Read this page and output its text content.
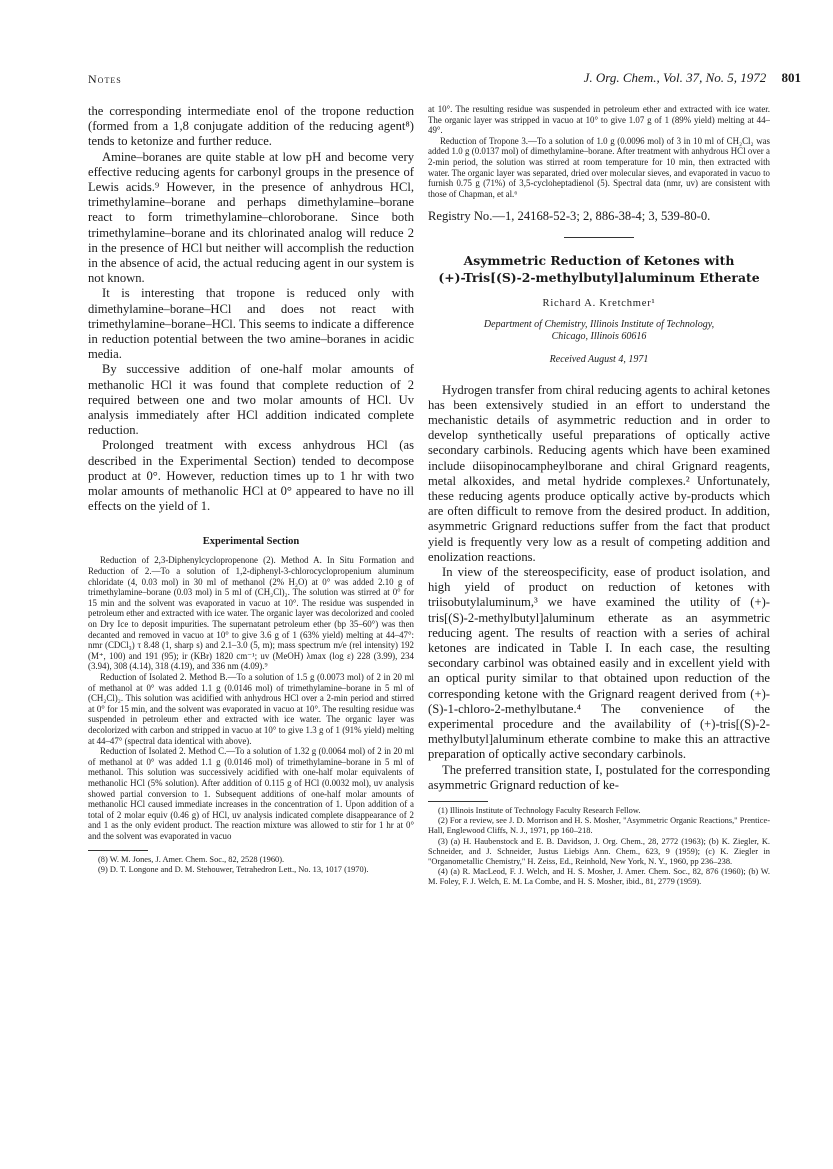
Notes	J. Org. Chem., Vol. 37, No. 5, 1972 801

the corresponding intermediate enol of the tropone reduction (formed from a 1,8 conjugate addition of the reducing agent⁸) tends to ketonize and further reduce.

Amine–boranes are quite stable at low pH and become very effective reducing agents for carbonyl groups in the presence of Lewis acids.⁹ However, in the presence of anhydrous HCl, trimethylamine–borane and perhaps dimethylamine–borane react to form trimethylamine–chloroborane. Since both trimethylamine–borane and its chlorinated analog will reduce 2 in the presence of HCl but neither will accomplish the reduction in the absence of acid, the actual reducing agent in our system is not known.

It is interesting that tropone is reduced only with dimethylamine–borane–HCl and does not react with trimethylamine–borane–HCl. This seems to indicate a difference in reduction potential between the two amine–boranes in acidic media.

By successive addition of one-half molar amounts of methanolic HCl it was found that complete reduction of 2 required between one and two molar amounts of HCl. Uv analysis immediately after HCl addition indicated complete reduction.

Prolonged treatment with excess anhydrous HCl (as described in the Experimental Section) tended to decompose product at 0°. However, reduction times up to 1 hr with two molar amounts of methanolic HCl at 0° appeared to have no ill effects on the yield of 1.

Experimental Section

Reduction of 2,3-Diphenylcyclopropenone (2). Method A. In Situ Formation and Reduction of 2.—To a solution of 1,2-diphenyl-3-chlorocyclopropenium aluminum chloridate (4, 0.03 mol) in 30 ml of methanol (2% H₂O) at 0° was added 2.10 g of trimethylamine–borane (0.03 mol) in 5 ml of (CH₂Cl)₂. The solution was stirred at 0° for 15 min and the solvent was evaporated in vacuo at 10°. The residue was suspended in petroleum ether and extracted with ice water. The organic layer was decolorized and cooled on Dry Ice to deposit impurities. The supernatant petroleum ether (bp 35–60°) was then decanted and removed in vacuo at 10° to give 3.6 g of 1 (63% yield) melting at 44–47°: nmr (CDCl₃) τ 8.48 (1, sharp s) and 2.1–3.0 (5, m); mass spectrum m/e (rel intensity) 192 (M⁺, 100) and 191 (95); ir (KBr) 1820 cm⁻¹; uv (MeOH) λmax (log ε) 228 (3.99), 234 (3.94), 308 (4.14), 318 (4.19), and 336 nm (4.09).⁹

Reduction of Isolated 2. Method B.—To a solution of 1.5 g (0.0073 mol) of 2 in 20 ml of methanol at 0° was added 1.1 g (0.0146 mol) of trimethylamine–borane in 5 ml of (CH₂Cl)₂. This solution was acidified with anhydrous HCl over a 2-min period and stirred at 0° for 15 min, and the solvent was evaporated in vacuo at 10°. The resulting residue was suspended in petroleum ether and extracted with ice water. The organic layer was decolorized with carbon and stripped in vacuo at 10° to give 1.3 g of 1 (91% yield) melting at 44–47° (spectral data identical with above).

Reduction of Isolated 2. Method C.—To a solution of 1.32 g (0.0064 mol) of 2 in 20 ml of methanol at 0° was added 1.1 g (0.0146 mol) of trimethylamine–borane in 5 ml of methanol. This solution was successively acidified with one-half molar equivalents of methanolic HCl (5% solution). After addition of 0.115 g of HCl (0.0032 mol), uv analysis showed partial conversion to 1. Subsequent additions of one-half molar amounts of methanolic HCl caused immediate increases in the concentration of 1. Upon addition of a total of 2 molar equiv (0.46 g) of HCl, uv analysis indicated complete disappearance of 2 and 1 as the only evident product. The reaction mixture was allowed to stir for 1 hr at 0° and the solvent was evaporated in vacuo

(8) W. M. Jones, J. Amer. Chem. Soc., 82, 2528 (1960).

(9) D. T. Longone and D. M. Stehouwer, Tetrahedron Lett., No. 13, 1017 (1970).

at 10°. The resulting residue was suspended in petroleum ether and extracted with ice water. The organic layer was stripped in vacuo at 10° to give 1.07 g of 1 (89% yield) melting at 44–49°.

Reduction of Tropone 3.—To a solution of 1.0 g (0.0096 mol) of 3 in 10 ml of CH₂Cl₂ was added 1.0 g (0.0137 mol) of dimethylamine–borane. After treatment with anhydrous HCl over a 2-min period, the solution was stirred at room temperature for 10 min, then extracted with water. The organic layer was separated, dried over molecular sieves, and evaporated in vacuo to furnish 0.75 g (71%) of 3,5-cycloheptadienol (5). Spectral data (nmr, uv) are consistent with those of Chapman, et al.⁶

Registry No.—1, 24168-52-3; 2, 886-38-4; 3, 539-80-0.

Asymmetric Reduction of Ketones with
(+)-Tris[(S)-2-methylbutyl]aluminum Etherate
Richard A. Kretchmer¹
Department of Chemistry, Illinois Institute of Technology,
Chicago, Illinois 60616
Received August 4, 1971

Hydrogen transfer from chiral reducing agents to achiral ketones has been extensively studied in an effort to understand the mechanistic details of asymmetric reduction and in order to develop synthetically useful preparations of optically active secondary carbinols. Reducing agents which have been examined include diisopinocampheylborane and chiral Grignard reagents, metal alkoxides, and metal hydride complexes.² Unfortunately, these reducing agents produce optically active by-products which are often difficult to remove from the desired product. In addition, asymmetric Grignard reductions suffer from the fact that product yield is frequently very low as a result of competing addition and enolization reactions.

In view of the stereospecificity, ease of product isolation, and high yield of product on reduction of ketones with triisobutylaluminum,³ we have examined the utility of (+)-tris[(S)-2-methylbutyl]aluminum etherate as an asymmetric reducing agent. The results of reaction with a series of achiral ketones are indicated in Table I. In each case, the resulting secondary carbinol was obtained easily and in excellent yield with an optical purity similar to that obtained upon reduction of the corresponding ketone with the Grignard reagent derived from (+)-(S)-1-chloro-2-methylbutane.⁴ The convenience of the experimental procedure and the availability of (+)-tris[(S)-2-methylbutyl]aluminum etherate combine to make this an attractive preparation of optically active secondary carbinols.

The preferred transition state, I, postulated for the corresponding asymmetric Grignard reduction of ke-

(1) Illinois Institute of Technology Faculty Research Fellow.

(2) For a review, see J. D. Morrison and H. S. Mosher, "Asymmetric Organic Reactions," Prentice-Hall, Englewood Cliffs, N. J., 1971, pp 160–218.

(3) (a) H. Haubenstock and E. B. Davidson, J. Org. Chem., 28, 2772 (1963); (b) K. Ziegler, K. Schneider, and J. Schneider, Justus Liebigs Ann. Chem., 623, 9 (1959); (c) K. Ziegler in "Organometallic Chemistry," H. Zeiss, Ed., Reinhold, New York, N. Y., 1960, pp 236–238.

(4) (a) R. MacLeod, F. J. Welch, and H. S. Mosher, J. Amer. Chem. Soc., 82, 876 (1960); (b) W. M. Foley, F. J. Welch, E. M. La Combe, and H. S. Mosher, ibid., 81, 2779 (1959).
